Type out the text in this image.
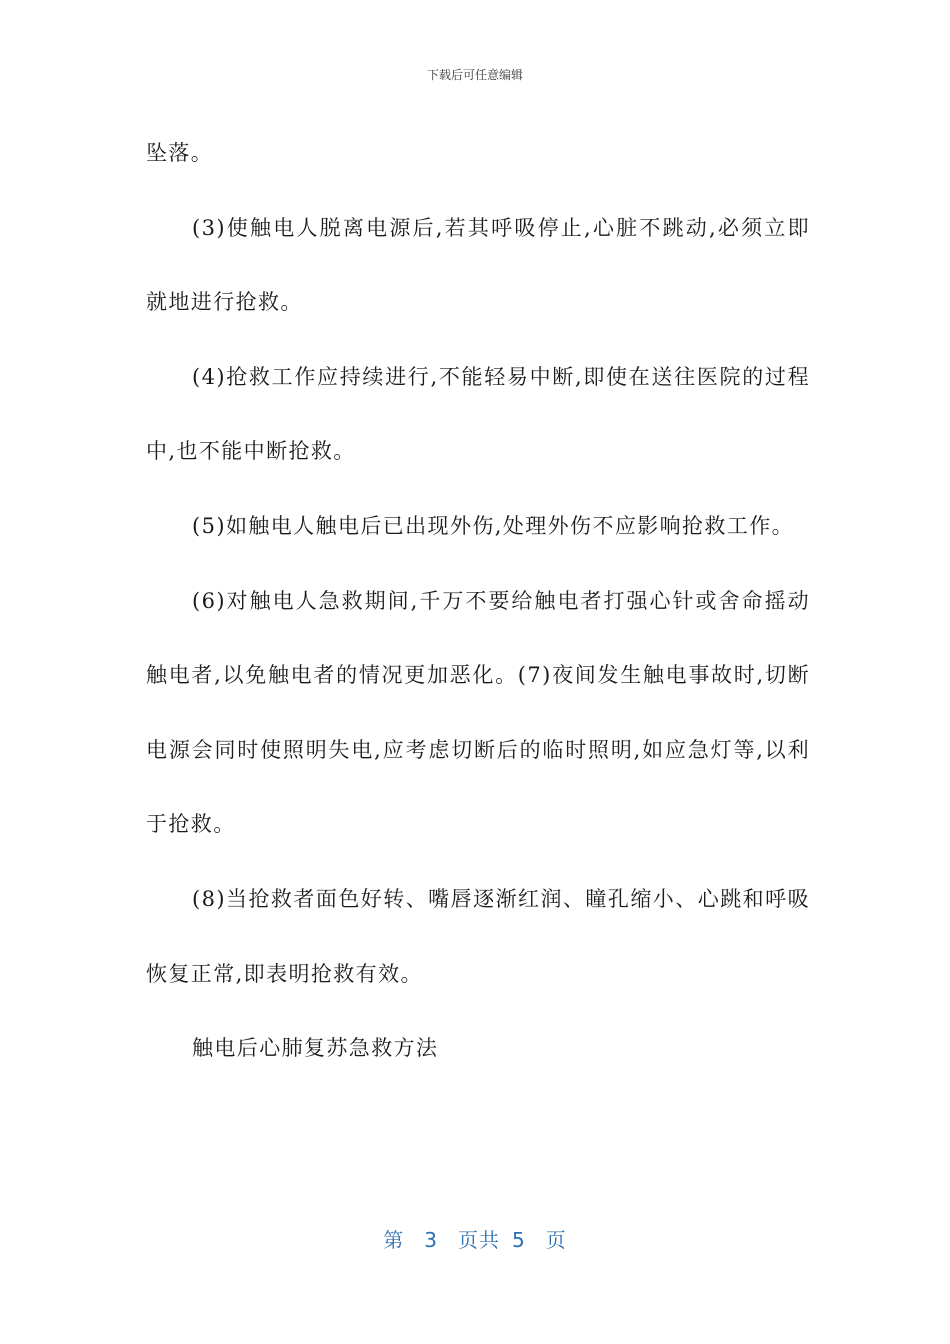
下载后可任意编辑

坠落。

(3)使触电人脱离电源后,若其呼吸停止,心脏不跳动,必须立即就地进行抢救。

(4)抢救工作应持续进行,不能轻易中断,即使在送往医院的过程中,也不能中断抢救。

(5)如触电人触电后已出现外伤,处理外伤不应影响抢救工作。

(6)对触电人急救期间,千万不要给触电者打强心针或舍命摇动触电者,以免触电者的情况更加恶化。(7)夜间发生触电事故时,切断电源会同时使照明失电,应考虑切断后的临时照明,如应急灯等,以利于抢救。

(8)当抢救者面色好转、嘴唇逐渐红润、瞳孔缩小、心跳和呼吸恢复正常,即表明抢救有效。

触电后心肺复苏急救方法

第 3 页共 5 页
